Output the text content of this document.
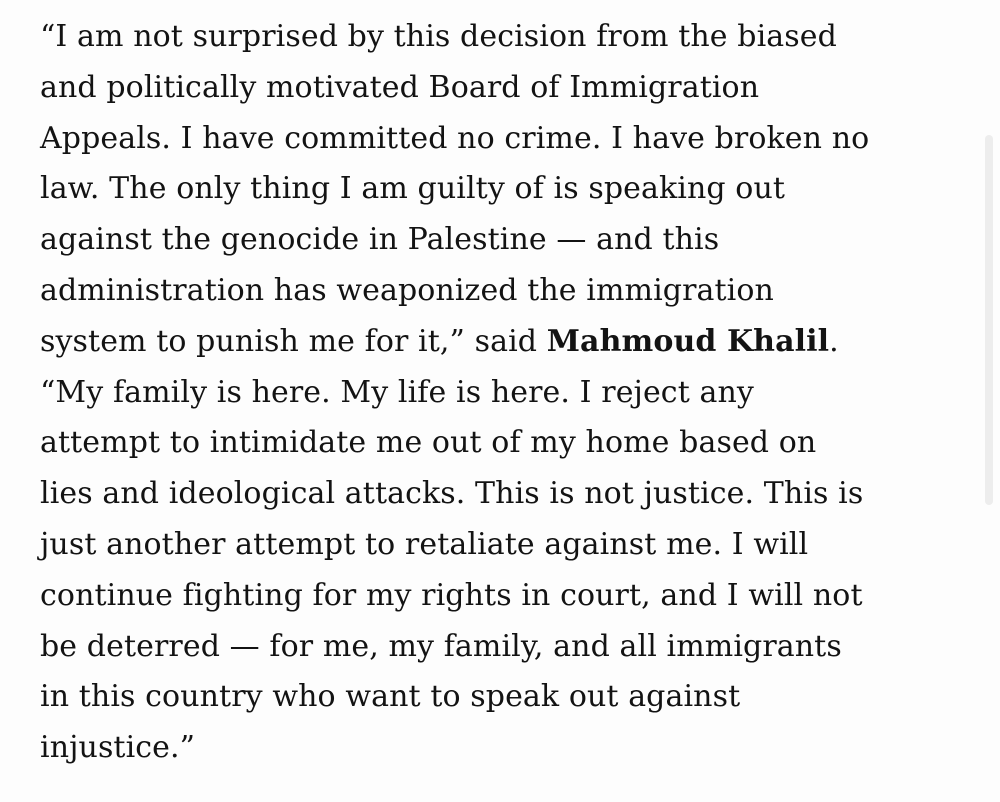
“I am not surprised by this decision from the biased
and politically motivated Board of Immigration
Appeals. I have committed no crime. I have broken no
law. The only thing I am guilty of is speaking out
against the genocide in Palestine — and this
administration has weaponized the immigration
system to punish me for it,” said Mahmoud Khalil.
“My family is here. My life is here. I reject any
attempt to intimidate me out of my home based on
lies and ideological attacks. This is not justice. This is
just another attempt to retaliate against me. I will
continue fighting for my rights in court, and I will not
be deterred — for me, my family, and all immigrants
in this country who want to speak out against
injustice.”
